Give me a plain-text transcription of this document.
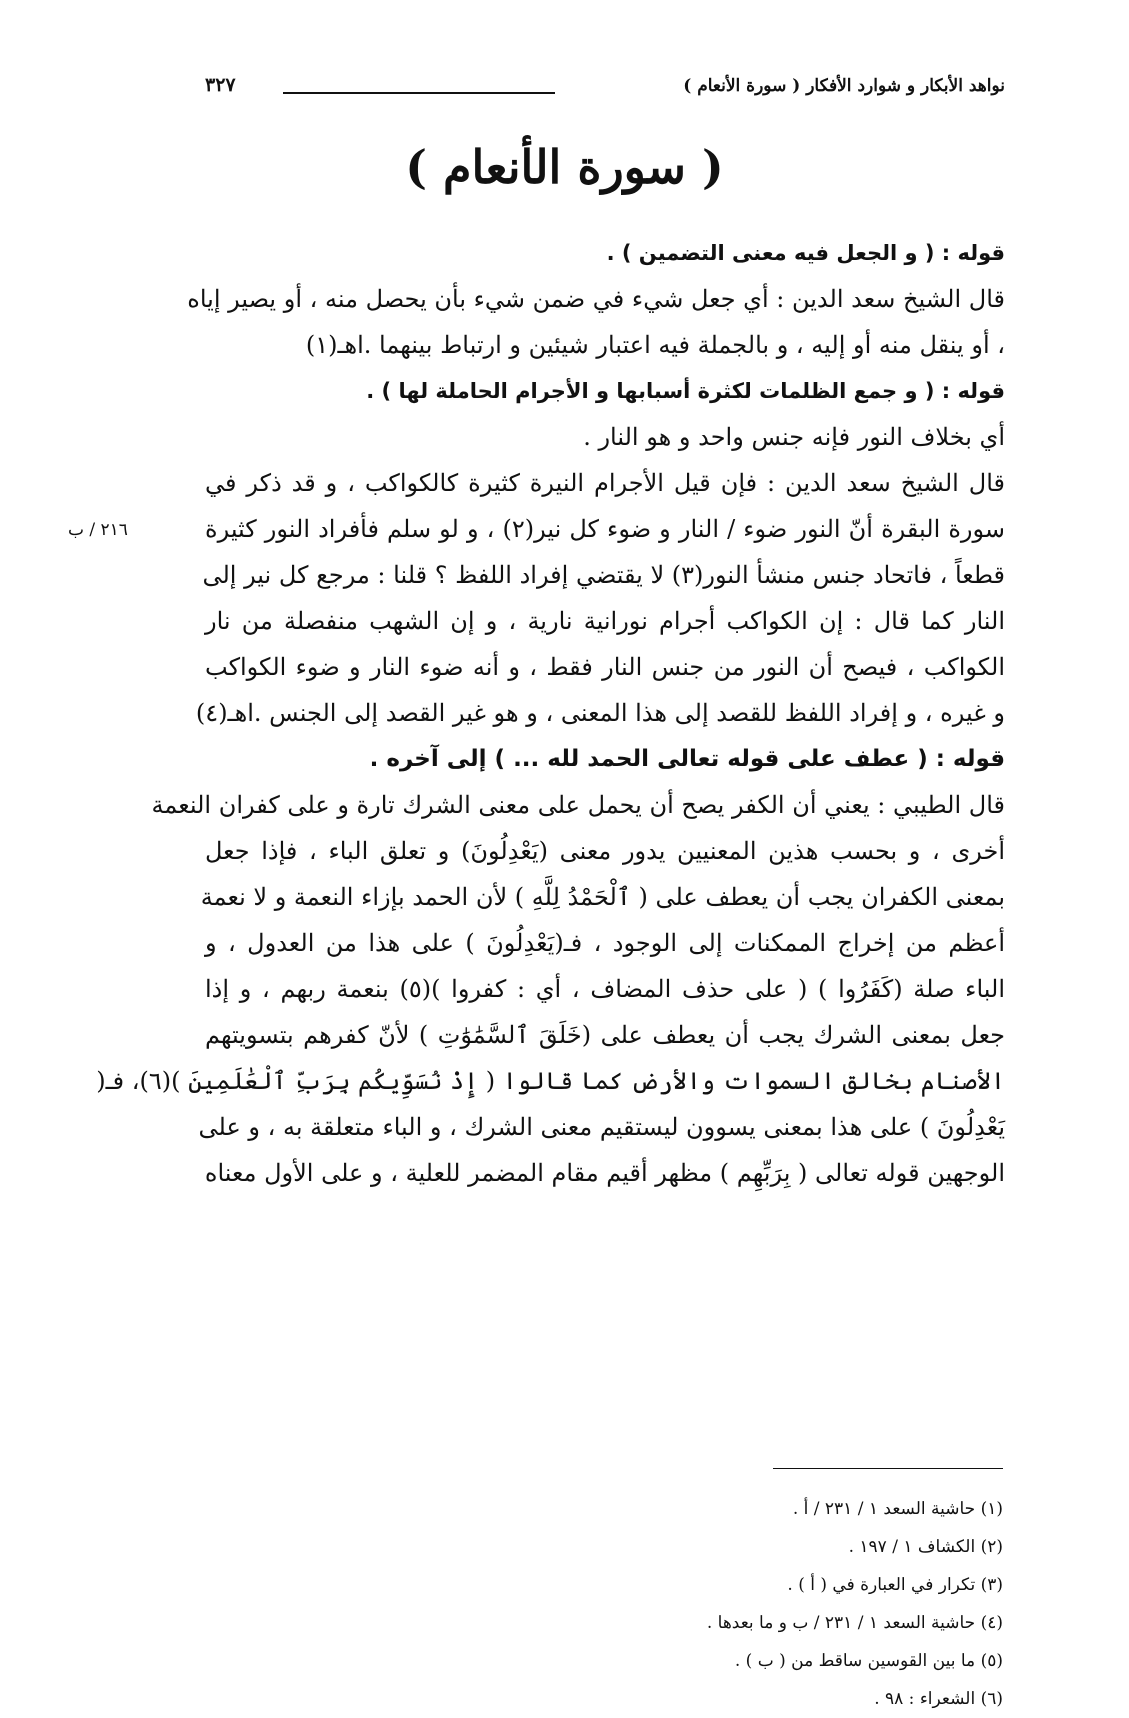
نواهد الأبكار و شوارد الأفكار ( سورة الأنعام )
٣٢٧
( سورة الأنعام )
٢١٦ / ب
قوله : ( و الجعل فيه معنى التضمين ) .
قال الشيخ سعد الدين : أي جعل شيء في ضمن شيء بأن يحصل منه ، أو يصير إياه
، أو ينقل منه أو إليه ، و بالجملة فيه اعتبار شيئين و ارتباط بينهما .اهـ(١)
قوله : ( و جمع الظلمات لكثرة أسبابها و الأجرام الحاملة لها ) .
أي بخلاف النور فإنه جنس واحد و هو النار .
قال الشيخ سعد الدين : فإن قيل الأجرام النيرة كثيرة كالكواكب ، و قد ذكر في
سورة البقرة أنّ النور ضوء / النار و ضوء كل نير(٢) ، و لو سلم فأفراد النور كثيرة
قطعاً ، فاتحاد جنس منشأ النور(٣) لا يقتضي إفراد اللفظ ؟ قلنا : مرجع كل نير إلى
النار كما قال : إن الكواكب أجرام نورانية نارية ، و إن الشهب منفصلة من نار
الكواكب ، فيصح أن النور من جنس النار فقط ، و أنه ضوء النار و ضوء الكواكب
و غيره ، و إفراد اللفظ للقصد إلى هذا المعنى ، و هو غير القصد إلى الجنس .اهـ(٤)
قوله : ( عطف على قوله تعالى الحمد لله ... ) إلى آخره .
قال الطيبي : يعني أن الكفر يصح أن يحمل على معنى الشرك تارة و على كفران النعمة
أخرى ، و بحسب هذين المعنيين يدور معنى (يَعْدِلُونَ) و تعلق الباء ، فإذا جعل
بمعنى الكفران يجب أن يعطف على ( ٱلْحَمْدُ لِلَّهِ ) لأن الحمد بإزاء النعمة و لا نعمة
أعظم من إخراج الممكنات إلى الوجود ، فـ(يَعْدِلُونَ ) على هذا من العدول ، و
الباء صلة (كَفَرُوا ) ( على حذف المضاف ، أي : كفروا )(٥) بنعمة ربهم ، و إذا
جعل بمعنى الشرك يجب أن يعطف على (خَلَقَ ٱلسَّمَٰوَٰتِ ) لأنّ كفرهم بتسويتهم
الأصنام بخالق السموات والأرض كما قالوا ( إِذْ نُسَوِّيكُم بِرَبِّ ٱلْعَٰلَمِينَ )(٦)، فـ(
يَعْدِلُونَ ) على هذا بمعنى يسوون ليستقيم معنى الشرك ، و الباء متعلقة به ، و على
الوجهين قوله تعالى ( بِرَبِّهِم ) مظهر أقيم مقام المضمر للعلية ، و على الأول معناه
(١) حاشية السعد ١ / ٢٣١ / أ .
(٢) الكشاف ١ / ١٩٧ .
(٣) تكرار في العبارة في ( أ ) .
(٤) حاشية السعد ١ / ٢٣١ / ب و ما بعدها .
(٥) ما بين القوسين ساقط من ( ب ) .
(٦) الشعراء : ٩٨ .
